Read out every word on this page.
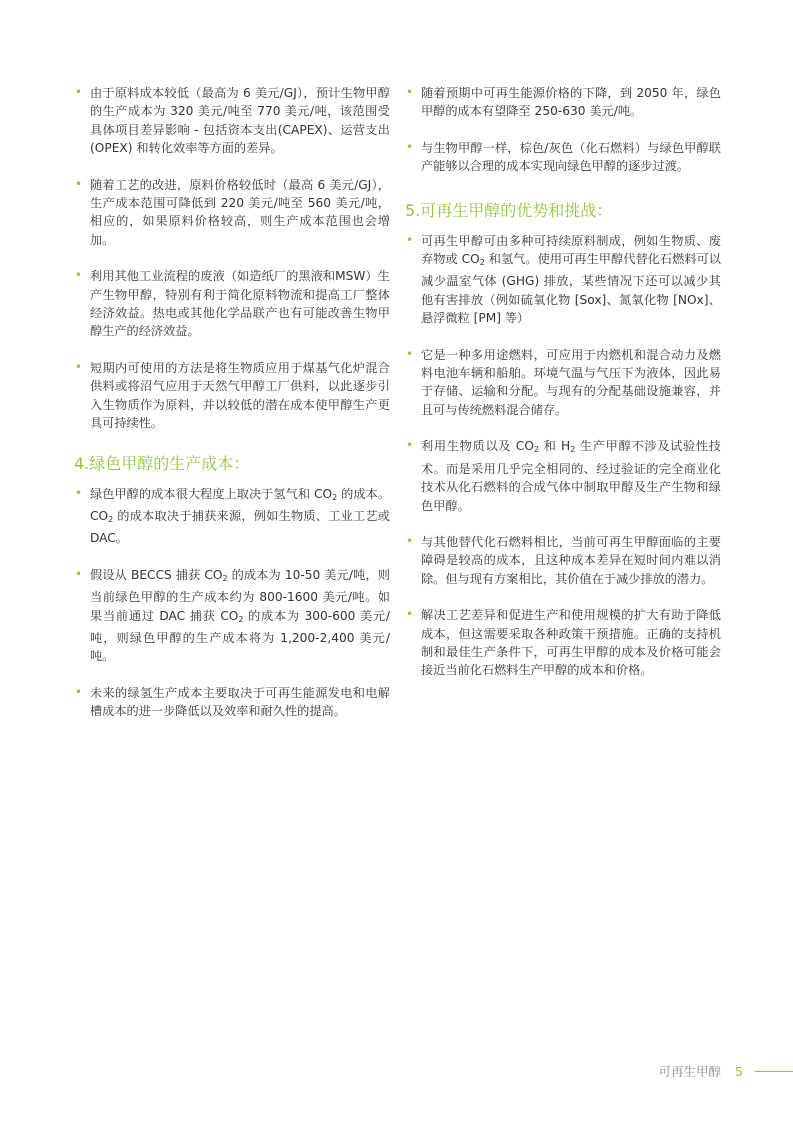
• 由于原料成本较低（最高为 6 美元/GJ），预计生物甲醇的生产成本为 320 美元/吨至 770 美元/吨，该范围受具体项目差异影响 - 包括资本支出(CAPEX)、运营支出 (OPEX) 和转化效率等方面的差异。
• 随着工艺的改进，原料价格较低时（最高 6 美元/GJ），生产成本范围可降低到 220 美元/吨至 560 美元/吨，相应的，如果原料价格较高，则生产成本范围也会增加。
• 利用其他工业流程的废液（如造纸厂的黑液和MSW）生产生物甲醇，特别有利于简化原料物流和提高工厂整体经济效益。热电或其他化学品联产也有可能改善生物甲醇生产的经济效益。
• 短期内可使用的方法是将生物质应用于煤基气化炉混合供料或将沼气应用于天然气甲醇工厂供料，以此逐步引入生物质作为原料，并以较低的潜在成本使甲醇生产更具可持续性。
4.绿色甲醇的生产成本：
• 绿色甲醇的成本很大程度上取决于氢气和 $CO_2$ 的成本。$CO_2$ 的成本取决于捕获来源，例如生物质、工业工艺或 DAC。
• 假设从 BECCS 捕获 $CO_2$ 的成本为 10-50 美元/吨，则当前绿色甲醇的生产成本约为 800-1600 美元/吨。如果当前通过 DAC 捕获 $CO_2$ 的成本为 300-600 美元/吨，则绿色甲醇的生产成本将为 1,200-2,400 美元/吨。
• 未来的绿氢生产成本主要取决于可再生能源发电和电解槽成本的进一步降低以及效率和耐久性的提高。
• 随着预期中可再生能源价格的下降，到 2050 年，绿色甲醇的成本有望降至 250-630 美元/吨。
• 与生物甲醇一样，棕色/灰色（化石燃料）与绿色甲醇联产能够以合理的成本实现向绿色甲醇的逐步过渡。
5.可再生甲醇的优势和挑战：
• 可再生甲醇可由多种可持续原料制成，例如生物质、废弃物或 $CO_2$ 和氢气。使用可再生甲醇代替化石燃料可以减少温室气体 (GHG) 排放，某些情况下还可以减少其他有害排放（例如硫氧化物 [Sox]、氮氧化物 [NOx]、悬浮微粒 [PM] 等）
• 它是一种多用途燃料，可应用于内燃机和混合动力及燃料电池车辆和船舶。环境气温与气压下为液体，因此易于存储、运输和分配。与现有的分配基础设施兼容，并且可与传统燃料混合储存。
• 利用生物质以及 $CO_2$ 和 $H_2$ 生产甲醇不涉及试验性技术。而是采用几乎完全相同的、经过验证的完全商业化技术从化石燃料的合成气体中制取甲醇及生产生物和绿色甲醇。
• 与其他替代化石燃料相比，当前可再生甲醇面临的主要障碍是较高的成本，且这种成本差异在短时间内难以消除。但与现有方案相比，其价值在于减少排放的潜力。
• 解决工艺差异和促进生产和使用规模的扩大有助于降低成本，但这需要采取各种政策干预措施。正确的支持机制和最佳生产条件下，可再生甲醇的成本及价格可能会接近当前化石燃料生产甲醇的成本和价格。
可再生甲醇 5
